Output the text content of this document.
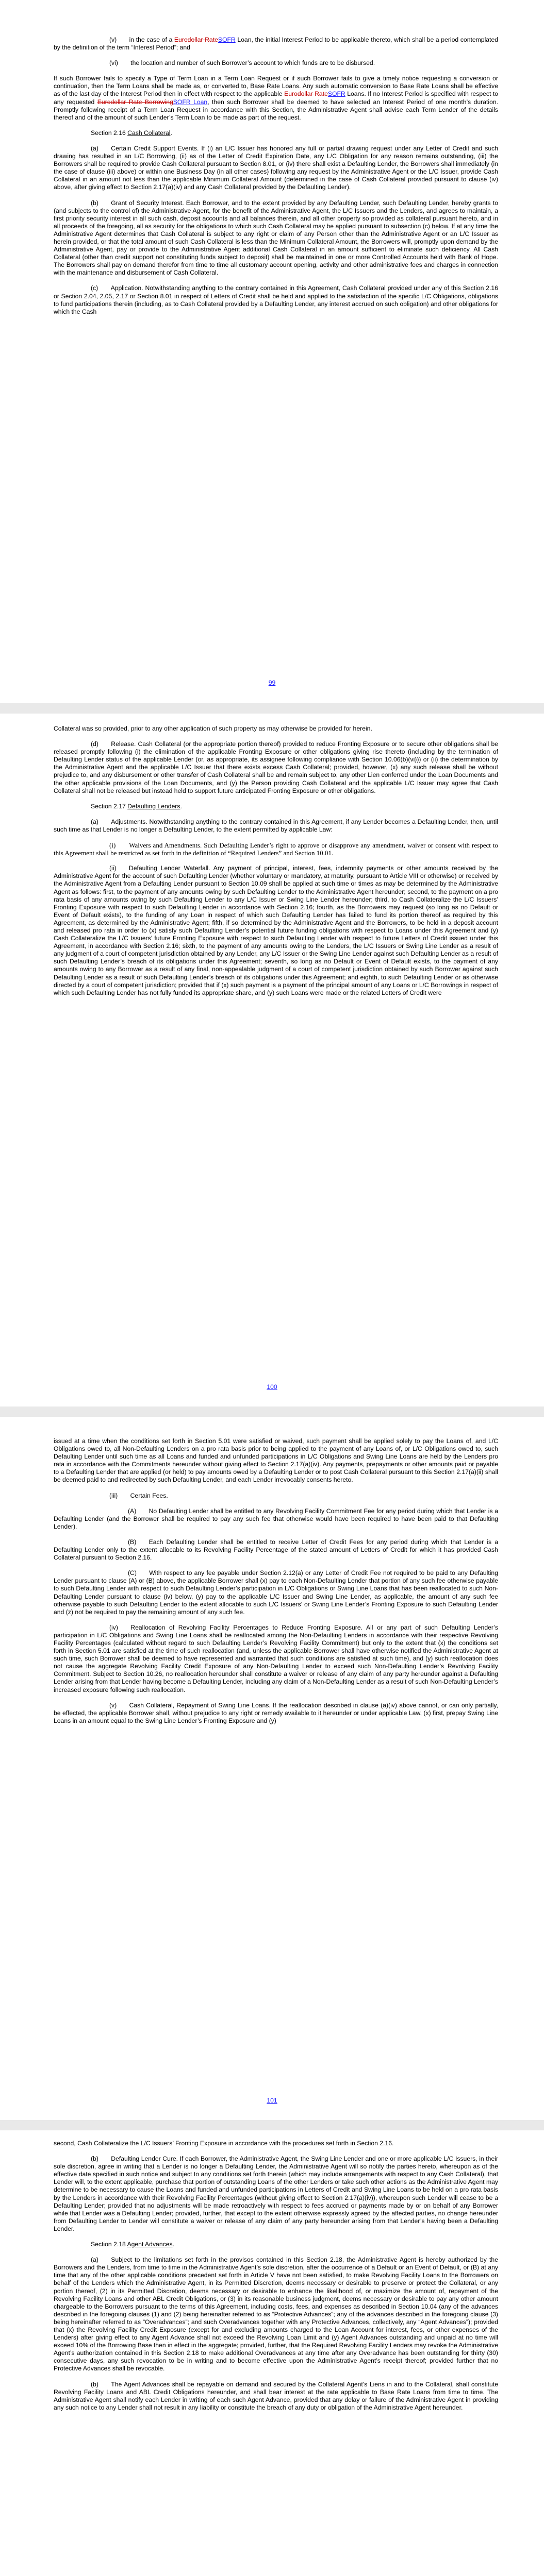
(v)  in the case of a Eurodollar RateSOFR Loan, the initial Interest Period to be applicable thereto, which shall be a period contemplated by the definition of the term “Interest Period”; and

(vi)  the location and number of such Borrower’s account to which funds are to be disbursed.

If such Borrower fails to specify a Type of Term Loan in a Term Loan Request or if such Borrower fails to give a timely notice requesting a conversion or continuation, then the Term Loans shall be made as, or converted to, Base Rate Loans. Any such automatic conversion to Base Rate Loans shall be effective as of the last day of the Interest Period then in effect with respect to the applicable Eurodollar RateSOFR Loans. If no Interest Period is specified with respect to any requested Eurodollar Rate BorrowingSOFR Loan, then such Borrower shall be deemed to have selected an Interest Period of one month’s duration. Promptly following receipt of a Term Loan Request in accordance with this Section, the Administrative Agent shall advise each Term Lender of the details thereof and of the amount of such Lender’s Term Loan to be made as part of the request.

Section 2.16 Cash Collateral.

(a)  Certain Credit Support Events. If (i) an L/C Issuer has honored any full or partial drawing request under any Letter of Credit and such drawing has resulted in an L/C Borrowing, (ii) as of the Letter of Credit Expiration Date, any L/C Obligation for any reason remains outstanding, (iii) the Borrowers shall be required to provide Cash Collateral pursuant to Section 8.01, or (iv) there shall exist a Defaulting Lender, the Borrowers shall immediately (in the case of clause (iii) above) or within one Business Day (in all other cases) following any request by the Administrative Agent or the L/C Issuer, provide Cash Collateral in an amount not less than the applicable Minimum Collateral Amount (determined in the case of Cash Collateral provided pursuant to clause (iv) above, after giving effect to Section 2.17(a)(iv) and any Cash Collateral provided by the Defaulting Lender).

(b)  Grant of Security Interest. Each Borrower, and to the extent provided by any Defaulting Lender, such Defaulting Lender, hereby grants to (and subjects to the control of) the Administrative Agent, for the benefit of the Administrative Agent, the L/C Issuers and the Lenders, and agrees to maintain, a first priority security interest in all such cash, deposit accounts and all balances therein, and all other property so provided as collateral pursuant hereto, and in all proceeds of the foregoing, all as security for the obligations to which such Cash Collateral may be applied pursuant to subsection (c) below. If at any time the Administrative Agent determines that Cash Collateral is subject to any right or claim of any Person other than the Administrative Agent or an L/C Issuer as herein provided, or that the total amount of such Cash Collateral is less than the Minimum Collateral Amount, the Borrowers will, promptly upon demand by the Administrative Agent, pay or provide to the Administrative Agent additional Cash Collateral in an amount sufficient to eliminate such deficiency. All Cash Collateral (other than credit support not constituting funds subject to deposit) shall be maintained in one or more Controlled Accounts held with Bank of Hope. The Borrowers shall pay on demand therefor from time to time all customary account opening, activity and other administrative fees and charges in connection with the maintenance and disbursement of Cash Collateral.

(c)  Application. Notwithstanding anything to the contrary contained in this Agreement, Cash Collateral provided under any of this Section 2.16 or Section 2.04, 2.05, 2.17 or Section 8.01 in respect of Letters of Credit shall be held and applied to the satisfaction of the specific L/C Obligations, obligations to fund participations therein (including, as to Cash Collateral provided by a Defaulting Lender, any interest accrued on such obligation) and other obligations for which the Cash

99

Collateral was so provided, prior to any other application of such property as may otherwise be provided for herein.

(d)  Release. Cash Collateral (or the appropriate portion thereof) provided to reduce Fronting Exposure or to secure other obligations shall be released promptly following (i) the elimination of the applicable Fronting Exposure or other obligations giving rise thereto (including by the termination of Defaulting Lender status of the applicable Lender (or, as appropriate, its assignee following compliance with Section 10.06(b)(vi))) or (ii) the determination by the Administrative Agent and the applicable L/C Issuer that there exists excess Cash Collateral; provided, however, (x) any such release shall be without prejudice to, and any disbursement or other transfer of Cash Collateral shall be and remain subject to, any other Lien conferred under the Loan Documents and the other applicable provisions of the Loan Documents, and (y) the Person providing Cash Collateral and the applicable L/C Issuer may agree that Cash Collateral shall not be released but instead held to support future anticipated Fronting Exposure or other obligations.

Section 2.17 Defaulting Lenders.

(a)  Adjustments. Notwithstanding anything to the contrary contained in this Agreement, if any Lender becomes a Defaulting Lender, then, until such time as that Lender is no longer a Defaulting Lender, to the extent permitted by applicable Law:

(i)  Waivers and Amendments. Such Defaulting Lender’s right to approve or disapprove any amendment, waiver or consent with respect to this Agreement shall be restricted as set forth in the definition of “Required Lenders” and Section 10.01.

(ii)  Defaulting Lender Waterfall. Any payment of principal, interest, fees, indemnity payments or other amounts received by the Administrative Agent for the account of such Defaulting Lender (whether voluntary or mandatory, at maturity, pursuant to Article VIII or otherwise) or received by the Administrative Agent from a Defaulting Lender pursuant to Section 10.09 shall be applied at such time or times as may be determined by the Administrative Agent as follows: first, to the payment of any amounts owing by such Defaulting Lender to the Administrative Agent hereunder; second, to the payment on a pro rata basis of any amounts owing by such Defaulting Lender to any L/C Issuer or Swing Line Lender hereunder; third, to Cash Collateralize the L/C Issuers’ Fronting Exposure with respect to such Defaulting Lender in accordance with Section 2.16; fourth, as the Borrowers may request (so long as no Default or Event of Default exists), to the funding of any Loan in respect of which such Defaulting Lender has failed to fund its portion thereof as required by this Agreement, as determined by the Administrative Agent; fifth, if so determined by the Administrative Agent and the Borrowers, to be held in a deposit account and released pro rata in order to (x) satisfy such Defaulting Lender’s potential future funding obligations with respect to Loans under this Agreement and (y) Cash Collateralize the L/C Issuers’ future Fronting Exposure with respect to such Defaulting Lender with respect to future Letters of Credit issued under this Agreement, in accordance with Section 2.16; sixth, to the payment of any amounts owing to the Lenders, the L/C Issuers or Swing Line Lender as a result of any judgment of a court of competent jurisdiction obtained by any Lender, any L/C Issuer or the Swing Line Lender against such Defaulting Lender as a result of such Defaulting Lender’s breach of its obligations under this Agreement; seventh, so long as no Default or Event of Default exists, to the payment of any amounts owing to any Borrower as a result of any final, non-appealable judgment of a court of competent jurisdiction obtained by such Borrower against such Defaulting Lender as a result of such Defaulting Lender’s breach of its obligations under this Agreement; and eighth, to such Defaulting Lender or as otherwise directed by a court of competent jurisdiction; provided that if (x) such payment is a payment of the principal amount of any Loans or L/C Borrowings in respect of which such Defaulting Lender has not fully funded its appropriate share, and (y) such Loans were made or the related Letters of Credit were

100

issued at a time when the conditions set forth in Section 5.01 were satisfied or waived, such payment shall be applied solely to pay the Loans of, and L/C Obligations owed to, all Non-Defaulting Lenders on a pro rata basis prior to being applied to the payment of any Loans of, or L/C Obligations owed to, such Defaulting Lender until such time as all Loans and funded and unfunded participations in L/C Obligations and Swing Line Loans are held by the Lenders pro rata in accordance with the Commitments hereunder without giving effect to Section 2.17(a)(iv). Any payments, prepayments or other amounts paid or payable to a Defaulting Lender that are applied (or held) to pay amounts owed by a Defaulting Lender or to post Cash Collateral pursuant to this Section 2.17(a)(ii) shall be deemed paid to and redirected by such Defaulting Lender, and each Lender irrevocably consents hereto.

(iii)  Certain Fees.

(A)  No Defaulting Lender shall be entitled to any Revolving Facility Commitment Fee for any period during which that Lender is a Defaulting Lender (and the Borrower shall be required to pay any such fee that otherwise would have been required to have been paid to that Defaulting Lender).

(B)  Each Defaulting Lender shall be entitled to receive Letter of Credit Fees for any period during which that Lender is a Defaulting Lender only to the extent allocable to its Revolving Facility Percentage of the stated amount of Letters of Credit for which it has provided Cash Collateral pursuant to Section 2.16.

(C)  With respect to any fee payable under Section 2.12(a) or any Letter of Credit Fee not required to be paid to any Defaulting Lender pursuant to clause (A) or (B) above, the applicable Borrower shall (x) pay to each Non-Defaulting Lender that portion of any such fee otherwise payable to such Defaulting Lender with respect to such Defaulting Lender’s participation in L/C Obligations or Swing Line Loans that has been reallocated to such Non-Defaulting Lender pursuant to clause (iv) below, (y) pay to the applicable L/C Issuer and Swing Line Lender, as applicable, the amount of any such fee otherwise payable to such Defaulting Lender to the extent allocable to such L/C Issuers’ or Swing Line Lender’s Fronting Exposure to such Defaulting Lender and (z) not be required to pay the remaining amount of any such fee.

(iv)  Reallocation of Revolving Facility Percentages to Reduce Fronting Exposure. All or any part of such Defaulting Lender’s participation in L/C Obligations and Swing Line Loans shall be reallocated among the Non-Defaulting Lenders in accordance with their respective Revolving Facility Percentages (calculated without regard to such Defaulting Lender’s Revolving Facility Commitment) but only to the extent that (x) the conditions set forth in Section 5.01 are satisfied at the time of such reallocation (and, unless the applicable Borrower shall have otherwise notified the Administrative Agent at such time, such Borrower shall be deemed to have represented and warranted that such conditions are satisfied at such time), and (y) such reallocation does not cause the aggregate Revolving Facility Credit Exposure of any Non-Defaulting Lender to exceed such Non-Defaulting Lender’s Revolving Facility Commitment. Subject to Section 10.26, no reallocation hereunder shall constitute a waiver or release of any claim of any party hereunder against a Defaulting Lender arising from that Lender having become a Defaulting Lender, including any claim of a Non-Defaulting Lender as a result of such Non-Defaulting Lender’s increased exposure following such reallocation.

(v)  Cash Collateral, Repayment of Swing Line Loans. If the reallocation described in clause (a)(iv) above cannot, or can only partially, be effected, the applicable Borrower shall, without prejudice to any right or remedy available to it hereunder or under applicable Law, (x) first, prepay Swing Line Loans in an amount equal to the Swing Line Lender’s Fronting Exposure and (y)

101

second, Cash Collateralize the L/C Issuers’ Fronting Exposure in accordance with the procedures set forth in Section 2.16.

(b)  Defaulting Lender Cure. If each Borrower, the Administrative Agent, the Swing Line Lender and one or more applicable L/C Issuers, in their sole discretion, agree in writing that a Lender is no longer a Defaulting Lender, the Administrative Agent will so notify the parties hereto, whereupon as of the effective date specified in such notice and subject to any conditions set forth therein (which may include arrangements with respect to any Cash Collateral), that Lender will, to the extent applicable, purchase that portion of outstanding Loans of the other Lenders or take such other actions as the Administrative Agent may determine to be necessary to cause the Loans and funded and unfunded participations in Letters of Credit and Swing Line Loans to be held on a pro rata basis by the Lenders in accordance with their Revolving Facility Percentages (without giving effect to Section 2.17(a)(iv)), whereupon such Lender will cease to be a Defaulting Lender; provided that no adjustments will be made retroactively with respect to fees accrued or payments made by or on behalf of any Borrower while that Lender was a Defaulting Lender; provided, further, that except to the extent otherwise expressly agreed by the affected parties, no change hereunder from Defaulting Lender to Lender will constitute a waiver or release of any claim of any party hereunder arising from that Lender’s having been a Defaulting Lender.

Section 2.18 Agent Advances.

(a)  Subject to the limitations set forth in the provisos contained in this Section 2.18, the Administrative Agent is hereby authorized by the Borrowers and the Lenders, from time to time in the Administrative Agent’s sole discretion, after the occurrence of a Default or an Event of Default, or (B) at any time that any of the other applicable conditions precedent set forth in Article V have not been satisfied, to make Revolving Facility Loans to the Borrowers on behalf of the Lenders which the Administrative Agent, in its Permitted Discretion, deems necessary or desirable to preserve or protect the Collateral, or any portion thereof, (2) in its Permitted Discretion, deems necessary or desirable to enhance the likelihood of, or maximize the amount of, repayment of the Revolving Facility Loans and other ABL Credit Obligations, or (3) in its reasonable business judgment, deems necessary or desirable to pay any other amount chargeable to the Borrowers pursuant to the terms of this Agreement, including costs, fees, and expenses as described in Section 10.04 (any of the advances described in the foregoing clauses (1) and (2) being hereinafter referred to as “Protective Advances”; any of the advances described in the foregoing clause (3) being hereinafter referred to as “Overadvances”; and such Overadvances together with any Protective Advances, collectively, any “Agent Advances”); provided that (x) the Revolving Facility Credit Exposure (except for and excluding amounts charged to the Loan Account for interest, fees, or other expenses of the Lenders) after giving effect to any Agent Advance shall not exceed the Revolving Loan Limit and (y) Agent Advances outstanding and unpaid at no time will exceed 10% of the Borrowing Base then in effect in the aggregate; provided, further, that the Required Revolving Facility Lenders may revoke the Administrative Agent’s authorization contained in this Section 2.18 to make additional Overadvances at any time after any Overadvance has been outstanding for thirty (30) consecutive days, any such revocation to be in writing and to become effective upon the Administrative Agent’s receipt thereof; provided further that no Protective Advances shall be revocable.

(b)  The Agent Advances shall be repayable on demand and secured by the Collateral Agent’s Liens in and to the Collateral, shall constitute Revolving Facility Loans and ABL Credit Obligations hereunder, and shall bear interest at the rate applicable to Base Rate Loans from time to time. The Administrative Agent shall notify each Lender in writing of each such Agent Advance, provided that any delay or failure of the Administrative Agent in providing any such notice to any Lender shall not result in any liability or constitute the breach of any duty or obligation of the Administrative Agent hereunder.
